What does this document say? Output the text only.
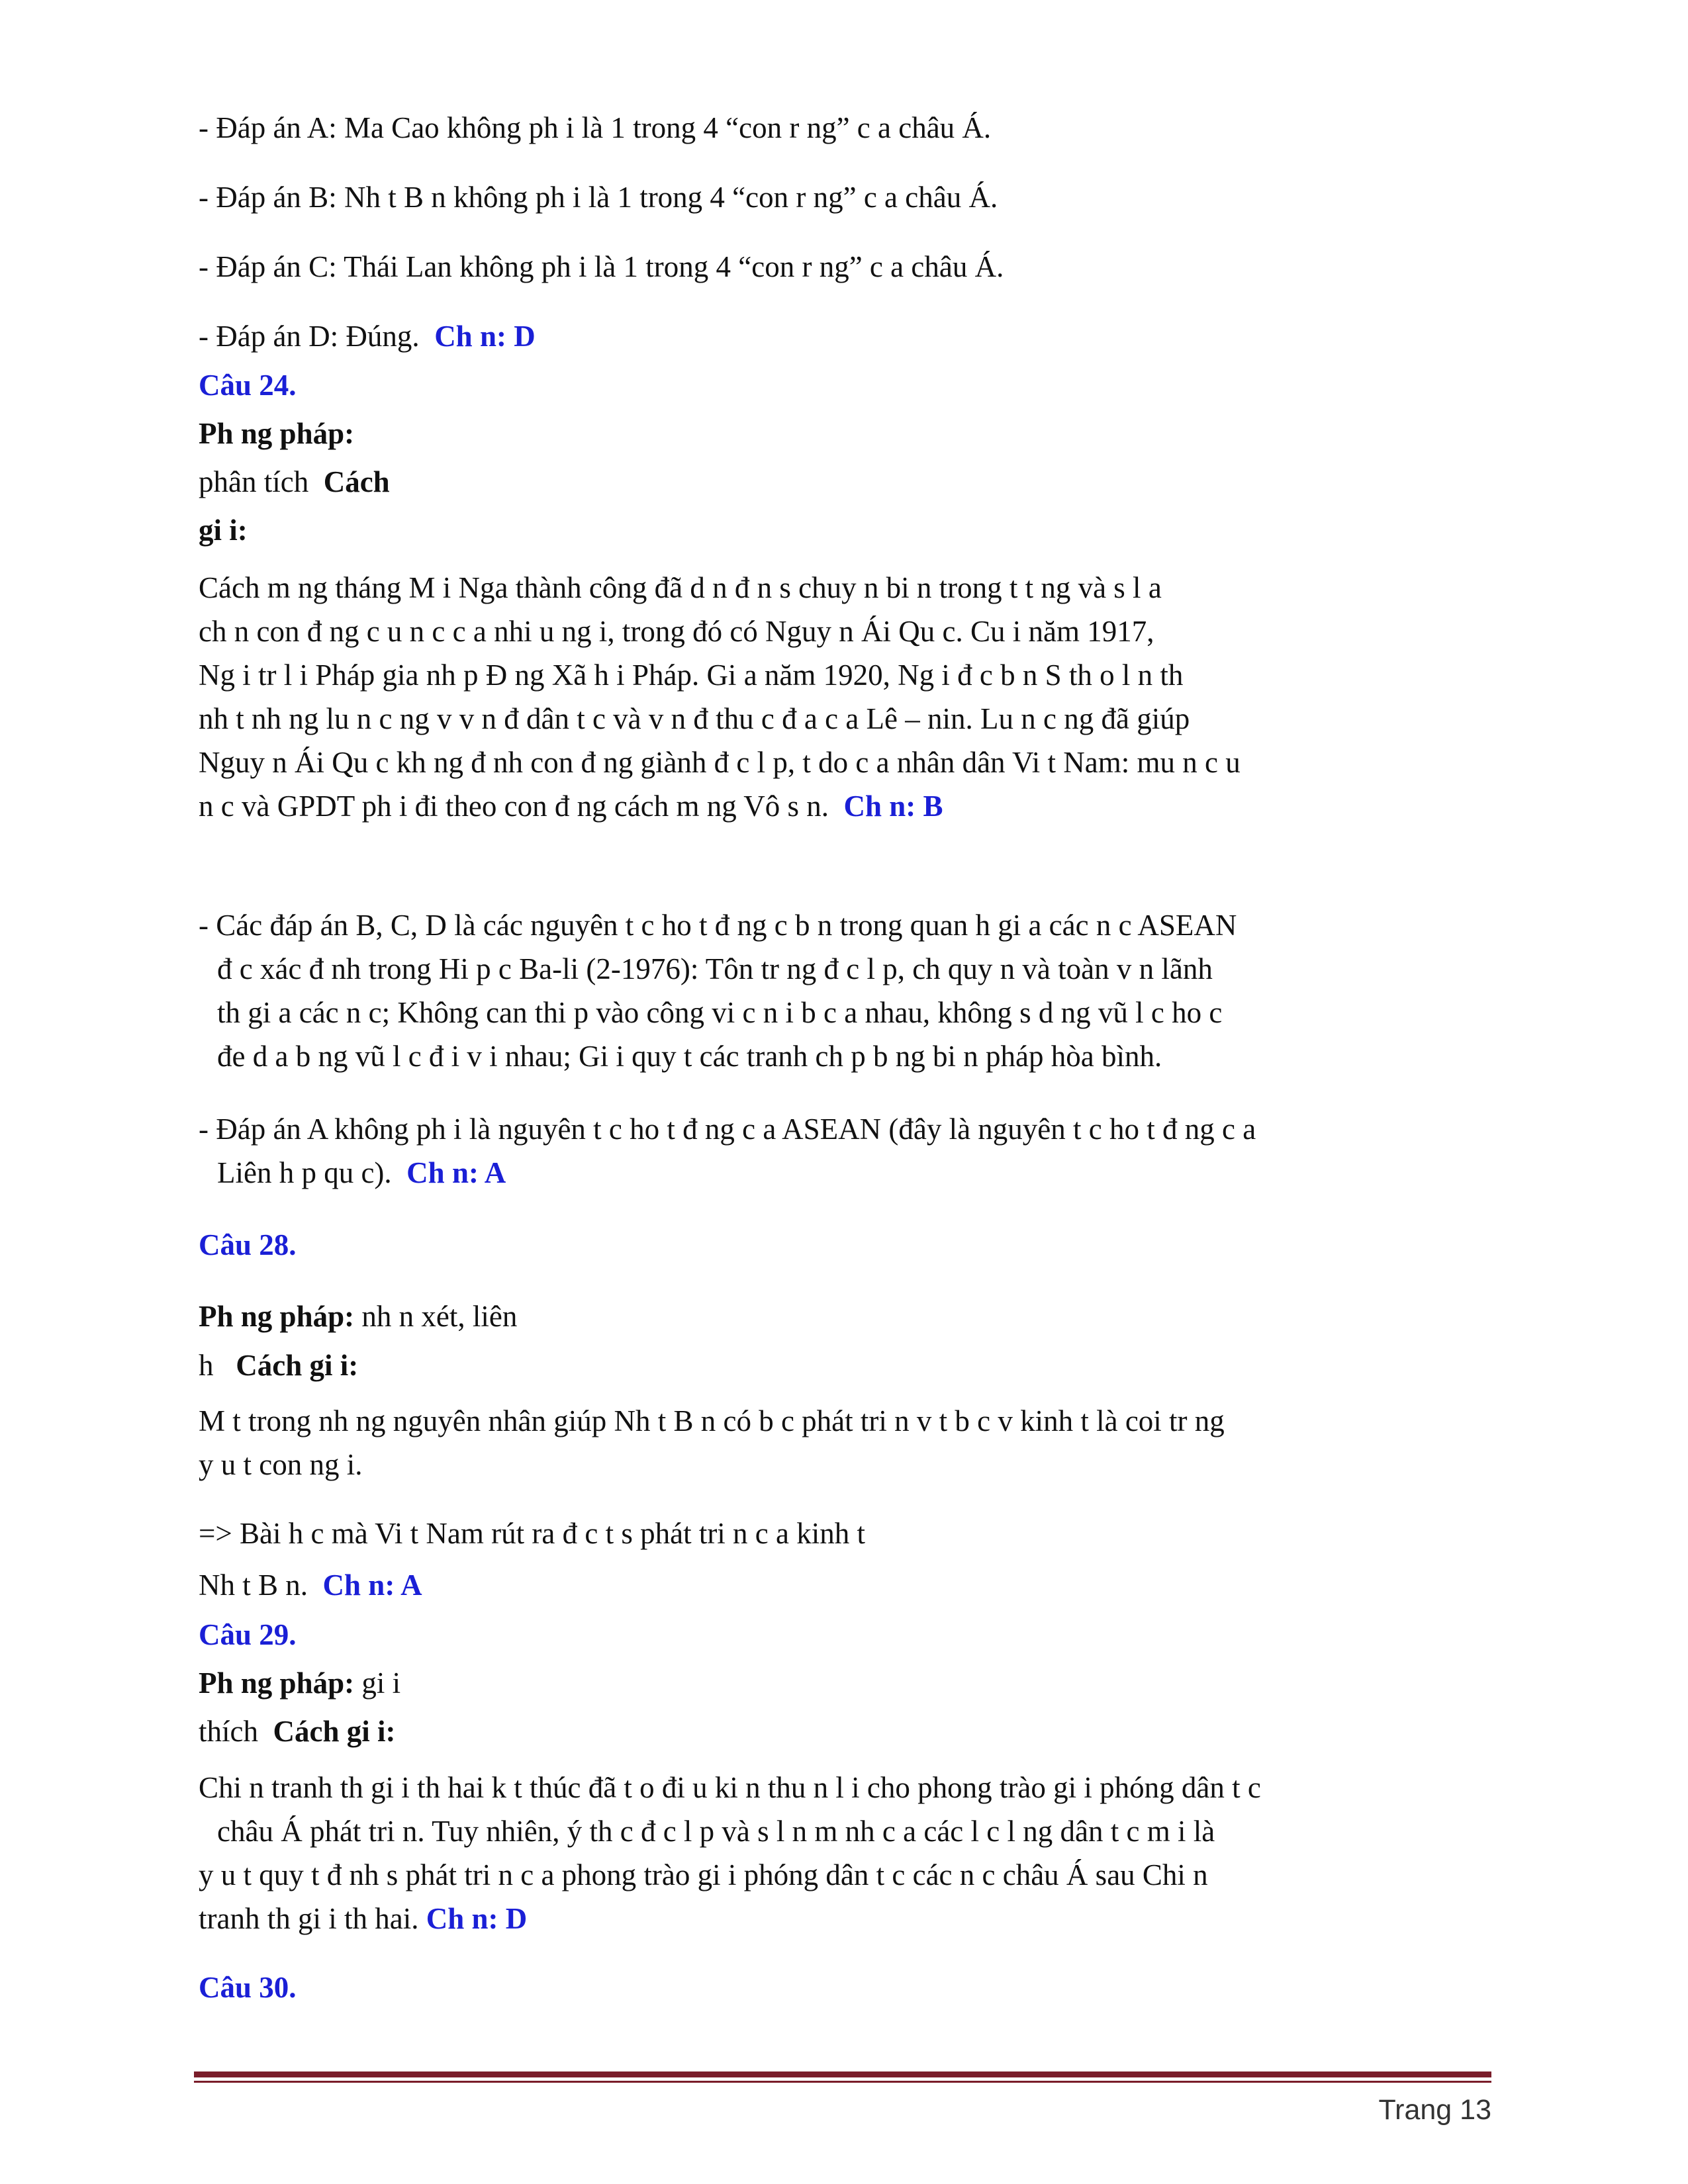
- Đáp án A: Ma Cao không ph i là 1 trong 4 “con r ng” c a châu Á.
- Đáp án B: Nh t B n không ph i là 1 trong 4 “con r ng” c a châu Á.
- Đáp án C: Thái Lan không ph i là 1 trong 4 “con r ng” c a châu Á.
- Đáp án D: Đúng. Ch n: D
Câu 24.
Ph ng pháp:
phân tích Cách
gi i:
Cách m ng tháng M i Nga thành công đã d n đ n s chuy n bi n trong t t ng và s l a
ch n con đ ng c u n c c a nhi u ng i, trong đó có Nguy n Ái Qu c. Cu i năm 1917,
Ng i tr l i Pháp gia nh p Đ ng Xã h i Pháp. Gi a năm 1920, Ng i đ c b n S th o l n th
nh t nh ng lu n c ng v v n đ dân t c và v n đ thu c đ a c a Lê – nin. Lu n c ng đã giúp
Nguy n Ái Qu c kh ng đ nh con đ ng giành đ c l p, t do c a nhân dân Vi t Nam: mu n c u
n c và GPDT ph i đi theo con đ ng cách m ng Vô s n. Ch n: B
- Các đáp án B, C, D là các nguyên t c ho t đ ng c b n trong quan h gi a các n c ASEAN
đ c xác đ nh trong Hi p c Ba-li (2-1976): Tôn tr ng đ c l p, ch quy n và toàn v n lãnh
th gi a các n c; Không can thi p vào công vi c n i b c a nhau, không s d ng vũ l c ho c
đe d a b ng vũ l c đ i v i nhau; Gi i quy t các tranh ch p b ng bi n pháp hòa bình.
- Đáp án A không ph i là nguyên t c ho t đ ng c a ASEAN (đây là nguyên t c ho t đ ng c a
Liên h p qu c). Ch n: A
Câu 28.
Ph ng pháp: nh n xét, liên
h Cách gi i:
M t trong nh ng nguyên nhân giúp Nh t B n có b c phát tri n v t b c v kinh t là coi tr ng
y u t con ng i.
=> Bài h c mà Vi t Nam rút ra đ c t s phát tri n c a kinh t
Nh t B n. Ch n: A
Câu 29.
Ph ng pháp: gi i
thích Cách gi i:
Chi n tranh th gi i th hai k t thúc đã t o đi u ki n thu n l i cho phong trào gi i phóng dân t c
châu Á phát tri n. Tuy nhiên, ý th c đ c l p và s l n m nh c a các l c l ng dân t c m i là
y u t quy t đ nh s phát tri n c a phong trào gi i phóng dân t c các n c châu Á sau Chi n
tranh th gi i th hai. Ch n: D
Câu 30.
Trang 13
